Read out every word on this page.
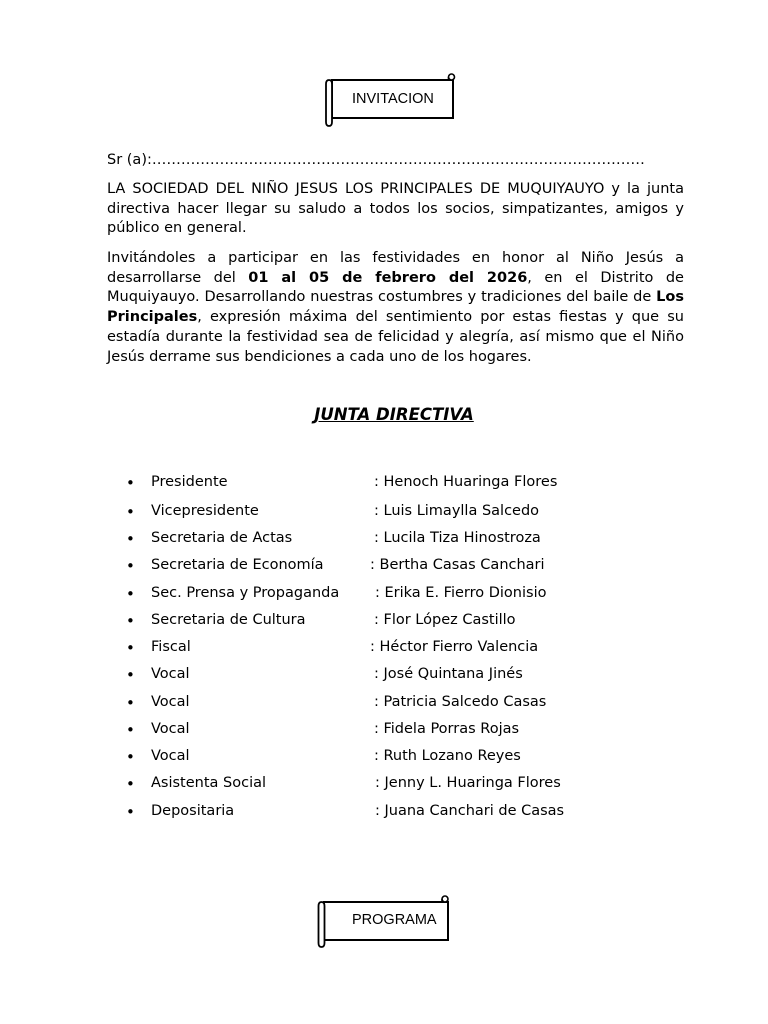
INVITACION
Sr (a):…………………………………………………………………………………………

LA SOCIEDAD DEL NIÑO JESUS LOS PRINCIPALES DE MUQUIYAUYO y la junta directiva hacer llegar su saludo a todos los socios, simpatizantes, amigos y público en general.

Invitándoles a participar en las festividades en honor al Niño Jesús a desarrollarse del 01 al 05 de febrero del 2026, en el Distrito de Muquiyauyo. Desarrollando nuestras costumbres y tradiciones del baile de Los Principales, expresión máxima del sentimiento por estas fiestas y que su estadía durante la festividad sea de felicidad y alegría, así mismo que el Niño Jesús derrame sus bendiciones a cada uno de los hogares.

JUNTA DIRECTIVA
• Presidente	: Henoch Huaringa Flores
• Vicepresidente	: Luis Limaylla Salcedo
• Secretaria de Actas	: Lucila Tiza Hinostroza
• Secretaria de Economía	: Bertha Casas Canchari
• Sec. Prensa y Propaganda : Erika E. Fierro Dionisio
• Secretaria de Cultura	: Flor López Castillo
• Fiscal	: Héctor Fierro Valencia
• Vocal	: José Quintana Jinés
• Vocal	: Patricia Salcedo Casas
• Vocal	: Fidela Porras Rojas
• Vocal	: Ruth Lozano Reyes
• Asistenta Social	: Jenny L. Huaringa Flores
• Depositaria	: Juana Canchari de Casas
PROGRAMA
